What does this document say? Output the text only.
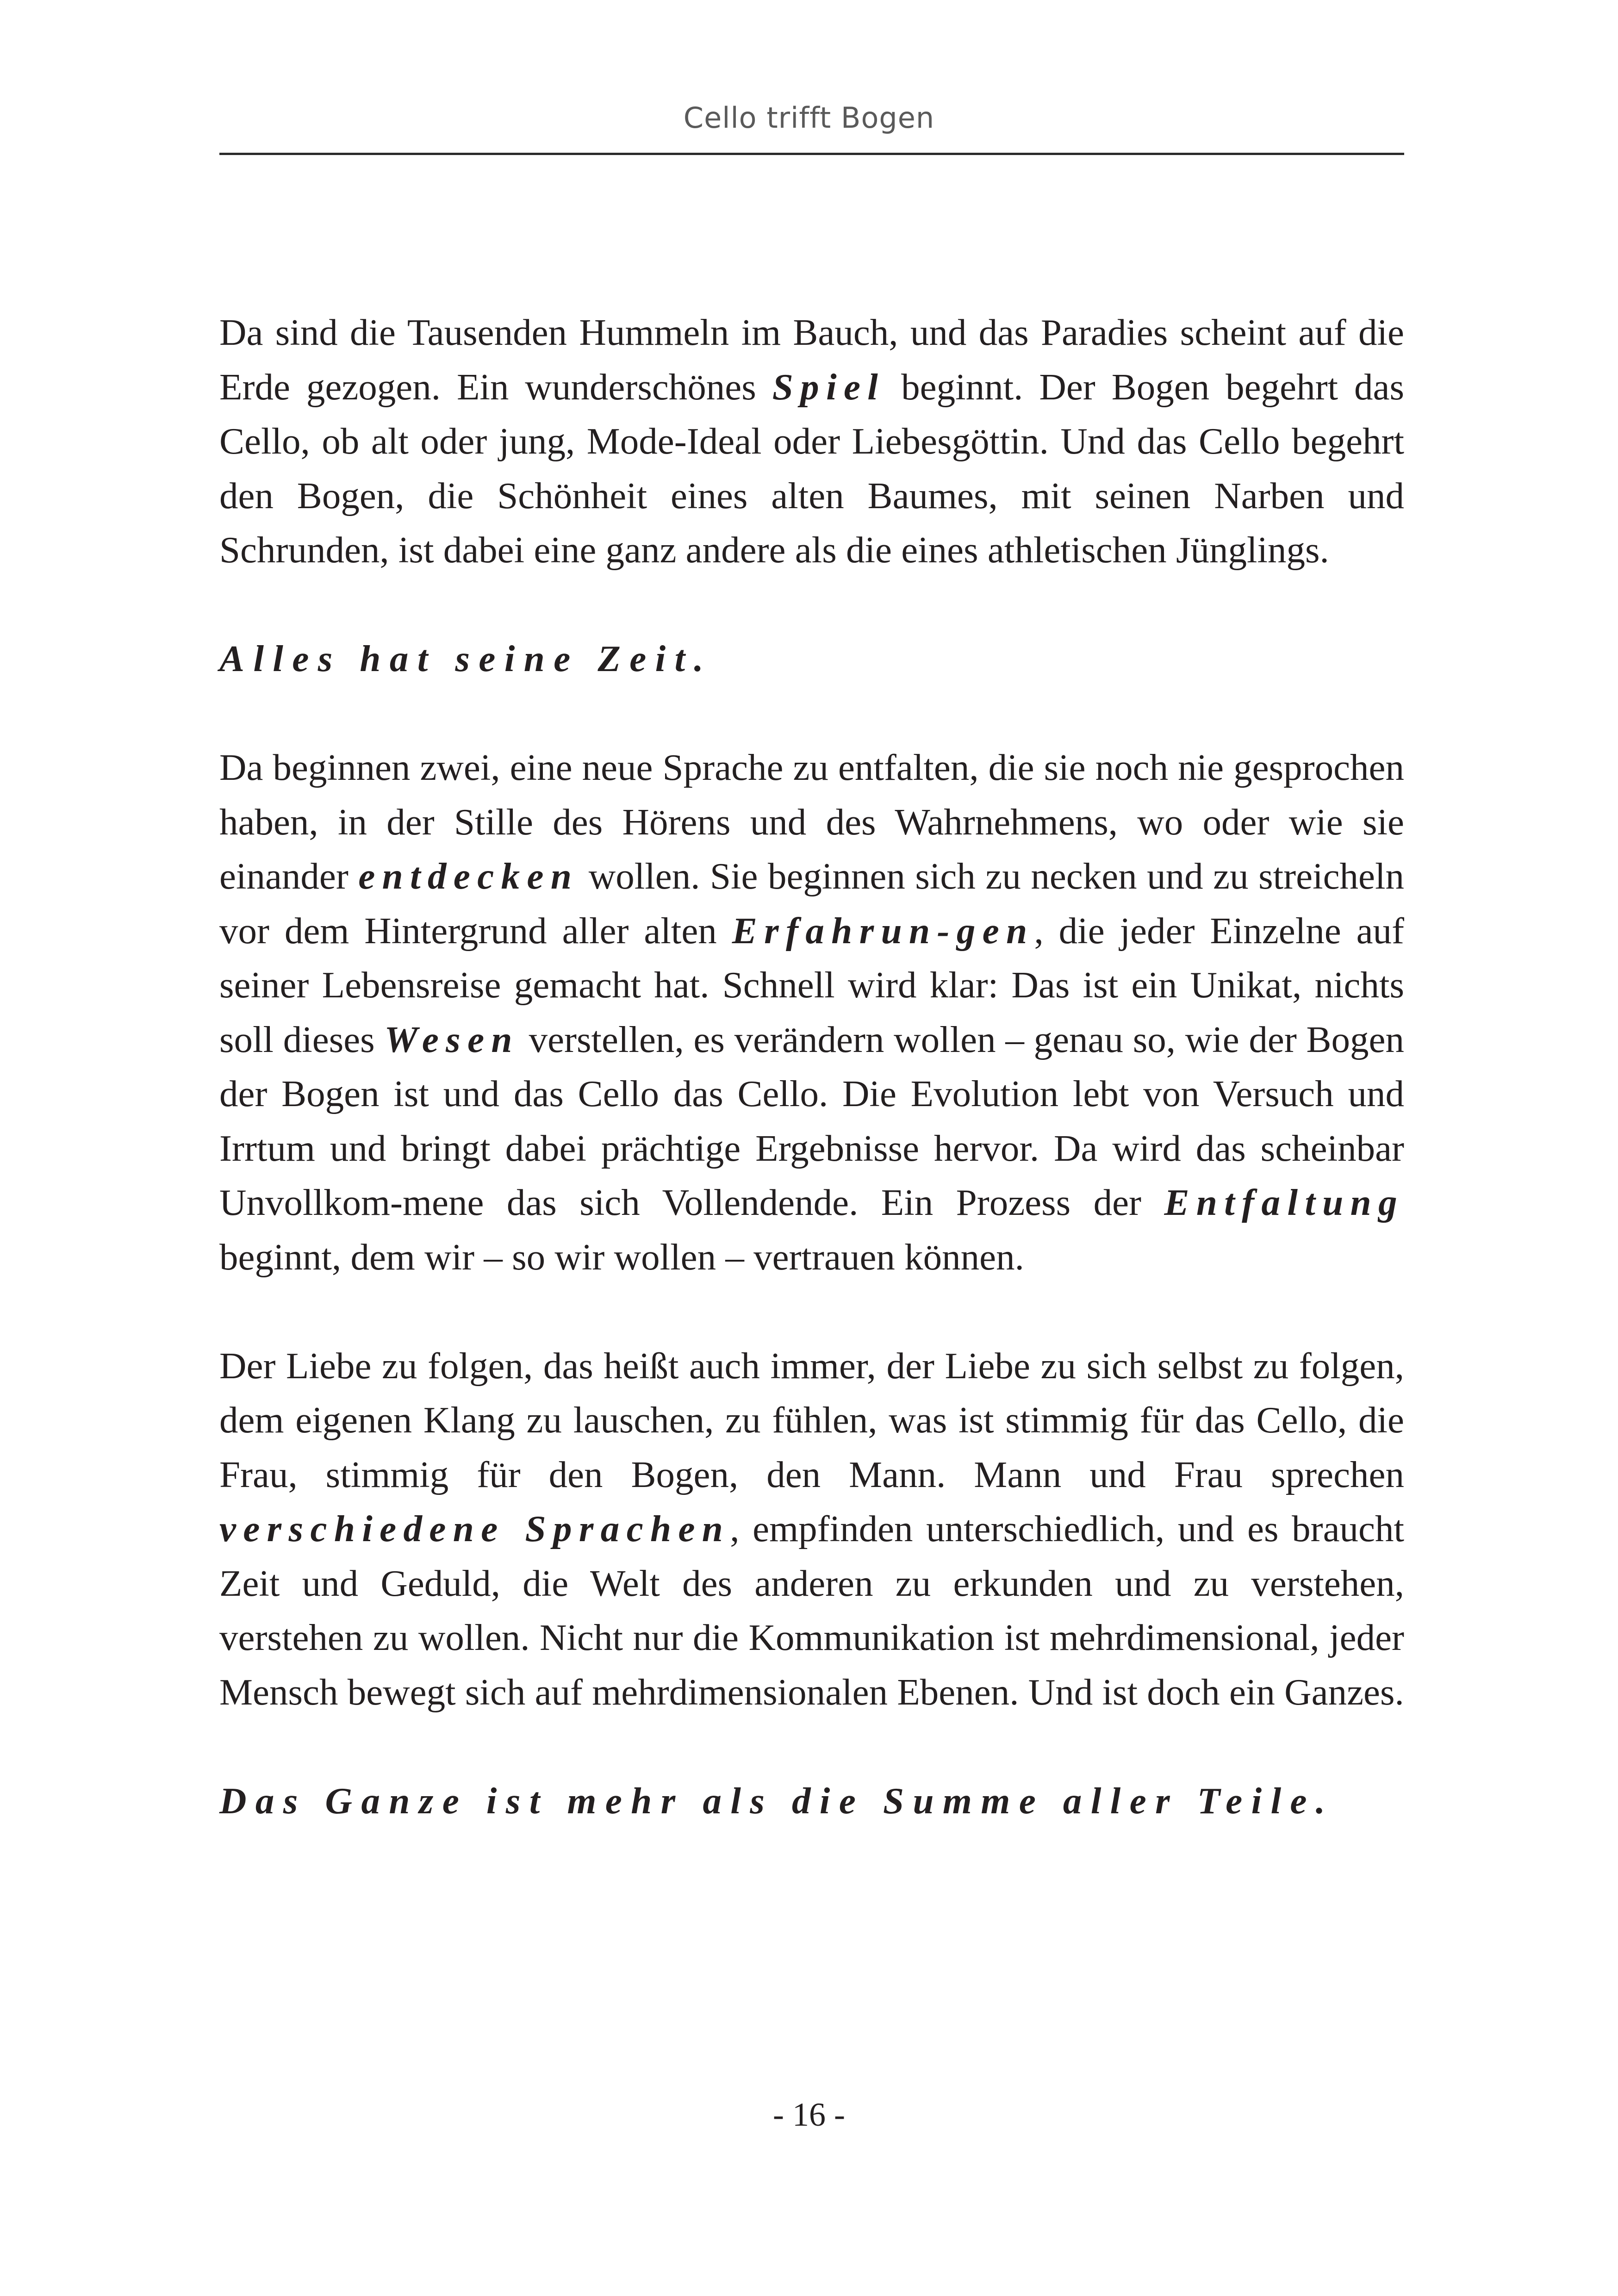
Cello trifft Bogen

Da sind die Tausenden Hummeln im Bauch, und das Paradies scheint auf die Erde gezogen. Ein wunderschönes Spiel beginnt. Der Bogen begehrt das Cello, ob alt oder jung, Mode-Ideal oder Liebesgöttin. Und das Cello begehrt den Bogen, die Schönheit eines alten Baumes, mit seinen Narben und Schrunden, ist dabei eine ganz andere als die eines athletischen Jünglings.

Alles hat seine Zeit.

Da beginnen zwei, eine neue Sprache zu entfalten, die sie noch nie gesprochen haben, in der Stille des Hörens und des Wahrnehmens, wo oder wie sie einander entdecken wollen. Sie beginnen sich zu necken und zu streicheln vor dem Hintergrund aller alten Erfahrun-gen, die jeder Einzelne auf seiner Lebensreise gemacht hat. Schnell wird klar: Das ist ein Unikat, nichts soll dieses Wesen verstellen, es verändern wollen – genau so, wie der Bogen der Bogen ist und das Cello das Cello. Die Evolution lebt von Versuch und Irrtum und bringt dabei prächtige Ergebnisse hervor. Da wird das scheinbar Unvollkom-mene das sich Vollendende. Ein Prozess der Entfaltung beginnt, dem wir – so wir wollen – vertrauen können.

Der Liebe zu folgen, das heißt auch immer, der Liebe zu sich selbst zu folgen, dem eigenen Klang zu lauschen, zu fühlen, was ist stimmig für das Cello, die Frau, stimmig für den Bogen, den Mann. Mann und Frau sprechen verschiedene Sprachen, empfinden unterschiedlich, und es braucht Zeit und Geduld, die Welt des anderen zu erkunden und zu verstehen, verstehen zu wollen. Nicht nur die Kommunikation ist mehrdimensional, jeder Mensch bewegt sich auf mehrdimensionalen Ebenen. Und ist doch ein Ganzes.

Das Ganze ist mehr als die Summe aller Teile.

- 16 -
